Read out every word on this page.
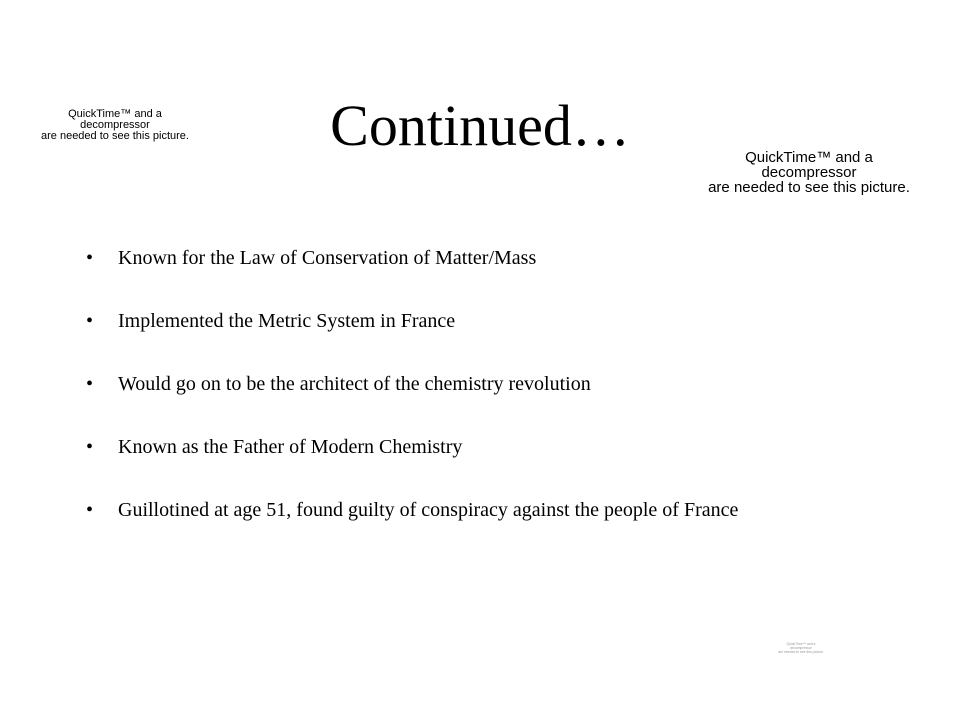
QuickTime™ and a
decompressor
are needed to see this picture.	Continued…	QuickTime™ and a
decompressor
are needed to see this picture.
• Known for the Law of Conservation of Matter/Mass
• Implemented the Metric System in France
• Would go on to be the architect of the chemistry revolution
• Known as the Father of Modern Chemistry
• Guillotined at age 51, found guilty of conspiracy against the people of France
QuickTime™ and a
decompressor
are needed to see this picture.
